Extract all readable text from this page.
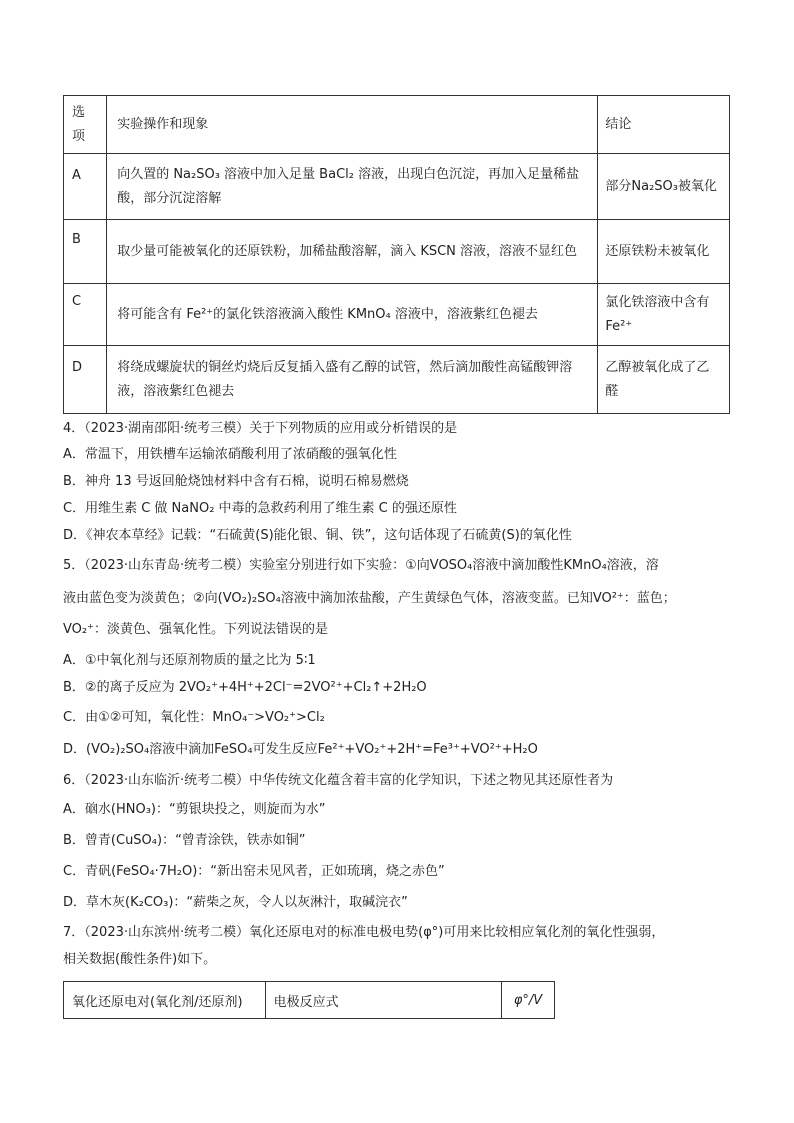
选
项	实验操作和现象	结论
A	向久置的 Na₂SO₃ 溶液中加入足量 BaCl₂ 溶液，出现白色沉淀，再加入足量稀盐酸，部分沉淀溶解	部分Na₂SO₃被氧化
B	取少量可能被氧化的还原铁粉，加稀盐酸溶解，滴入 KSCN 溶液，溶液不显红色	还原铁粉未被氧化
C	将可能含有 Fe²⁺的氯化铁溶液滴入酸性 KMnO₄ 溶液中，溶液紫红色褪去	氯化铁溶液中含有 Fe²⁺
D	将绕成螺旋状的铜丝灼烧后反复插入盛有乙醇的试管，然后滴加酸性高锰酸钾溶液，溶液紫红色褪去	乙醇被氧化成了乙醛
4．（2023·湖南邵阳·统考三模）关于下列物质的应用或分析错误的是
A．常温下，用铁槽车运输浓硝酸利用了浓硝酸的强氧化性
B．神舟 13 号返回舱烧蚀材料中含有石棉，说明石棉易燃烧
C．用维生素 C 做 NaNO₂ 中毒的急救药利用了维生素 C 的强还原性
D．《神农本草经》记载：“石硫黄(S)能化银、铜、铁”，这句话体现了石硫黄(S)的氧化性
5．（2023·山东青岛·统考二模）实验室分别进行如下实验：①向VOSO₄溶液中滴加酸性KMnO₄溶液，溶
液由蓝色变为淡黄色；②向(VO₂)₂SO₄溶液中滴加浓盐酸，产生黄绿色气体，溶液变蓝。已知VO²⁺：蓝色；
VO₂⁺：淡黄色、强氧化性。下列说法错误的是
A．①中氧化剂与还原剂物质的量之比为 5∶1
B．②的离子反应为 2VO₂⁺+4H⁺+2Cl⁻=2VO²⁺+Cl₂↑+2H₂O
C．由①②可知，氧化性：MnO₄⁻>VO₂⁺>Cl₂
D．(VO₂)₂SO₄溶液中滴加FeSO₄可发生反应Fe²⁺+VO₂⁺+2H⁺=Fe³⁺+VO²⁺+H₂O
6．（2023·山东临沂·统考二模）中华传统文化蕴含着丰富的化学知识，下述之物见其还原性者为
A．硇水(HNO₃)：“剪银块投之，则旋而为水”
B．曾青(CuSO₄)：“曾青涂铁，铁赤如铜”
C．青矾(FeSO₄·7H₂O)：“新出窑未见风者，正如琉璃，烧之赤色”
D．草木灰(K₂CO₃)：“薪柴之灰，令人以灰淋汁，取碱浣衣”
7．（2023·山东滨州·统考二模）氧化还原电对的标准电极电势(φ°)可用来比较相应氧化剂的氧化性强弱，
相关数据(酸性条件)如下。
氧化还原电对(氧化剂/还原剂)	电极反应式	φ°/V
